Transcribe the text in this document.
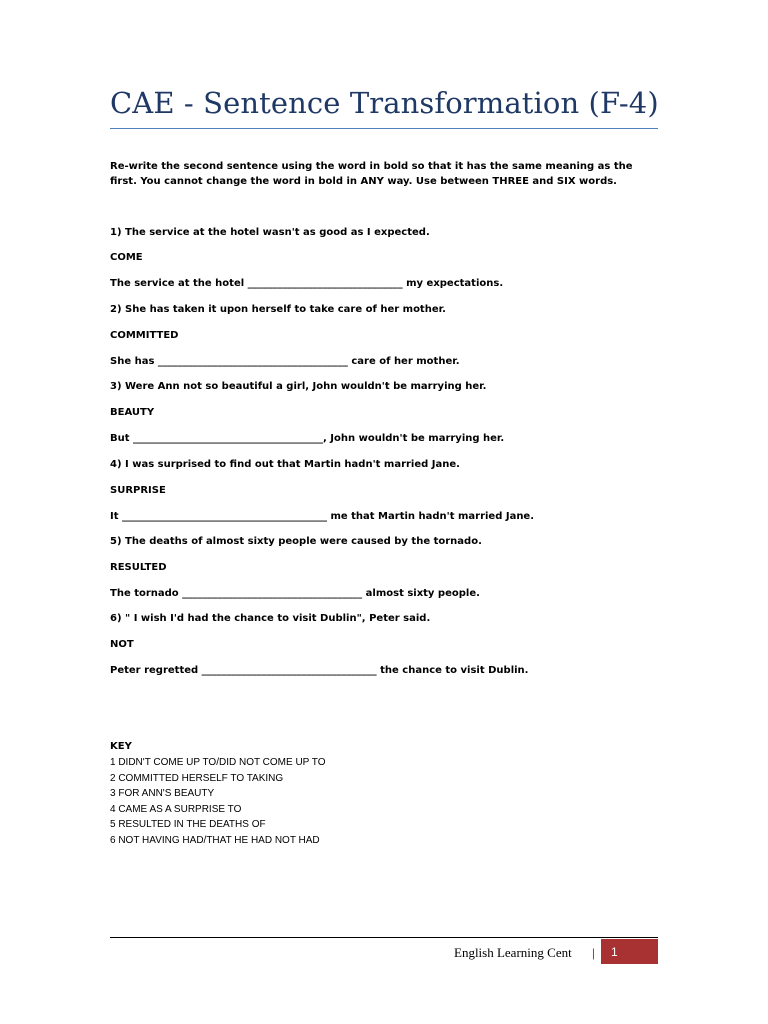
CAE - Sentence Transformation (F-4)
Re-write the second sentence using the word in bold so that it has the same meaning as the first. You cannot change the word in bold in ANY way. Use between THREE and SIX words.
1) The service at the hotel wasn't as good as I expected.
COME
The service at the hotel _______________________________ my expectations.
2) She has taken it upon herself to take care of her mother.
COMMITTED
She has ______________________________________ care of her mother.
3) Were Ann not so beautiful a girl, John wouldn't be marrying her.
BEAUTY
But ______________________________________, John wouldn't be marrying her.
4) I was surprised to find out that Martin hadn't married Jane.
SURPRISE
It _________________________________________ me that Martin hadn't married Jane.
5) The deaths of almost sixty people were caused by the tornado.
RESULTED
The tornado ____________________________________ almost sixty people.
6) " I wish I'd had the chance to visit Dublin", Peter said.
NOT
Peter regretted ___________________________________ the chance to visit Dublin.
KEY
1 DIDN'T COME UP TO/DID NOT COME UP TO
2 COMMITTED HERSELF TO TAKING
3 FOR ANN'S BEAUTY
4 CAME AS A SURPRISE TO
5 RESULTED IN THE DEATHS OF
6 NOT HAVING HAD/THAT HE HAD NOT HAD
English Learning Cent | 1
